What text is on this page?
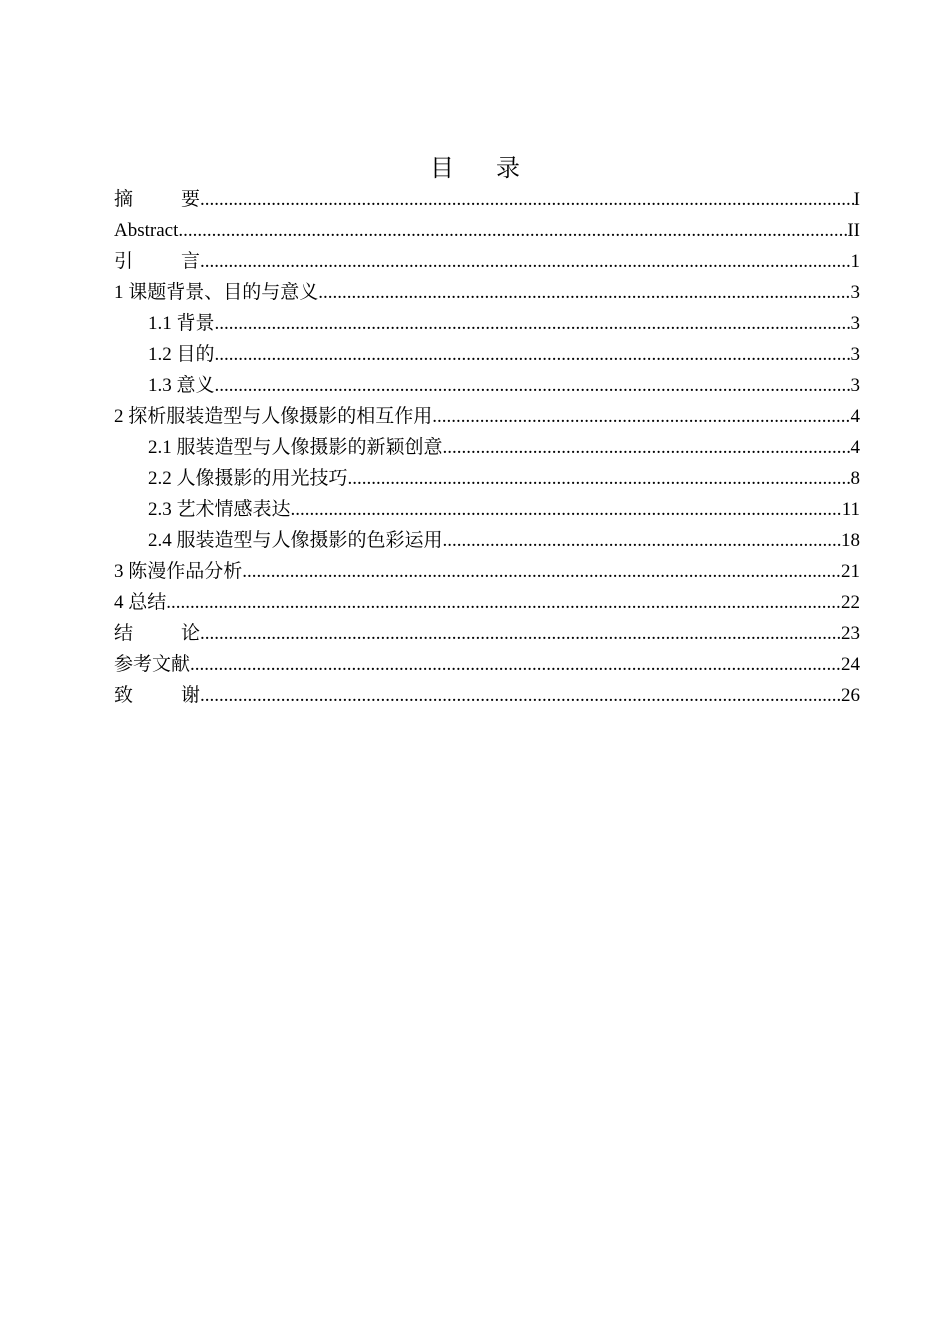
目 录
摘	要 .....	I
Abstract .....	II
引	言 .....	1
1 课题背景、目的与意义 .....	3
1.1 背景 .....	3
1.2 目的 .....	3
1.3 意义 .....	3
2 探析服装造型与人像摄影的相互作用 .....	4
2.1 服装造型与人像摄影的新颖创意 .....	4
2.2 人像摄影的用光技巧 .....	8
2.3 艺术情感表达 .....	11
2.4 服装造型与人像摄影的色彩运用 .....	18
3 陈漫作品分析 .....	21
4 总结 .....	22
结	论 .....	23
参考文献 .....	24
致	谢 .....	26
